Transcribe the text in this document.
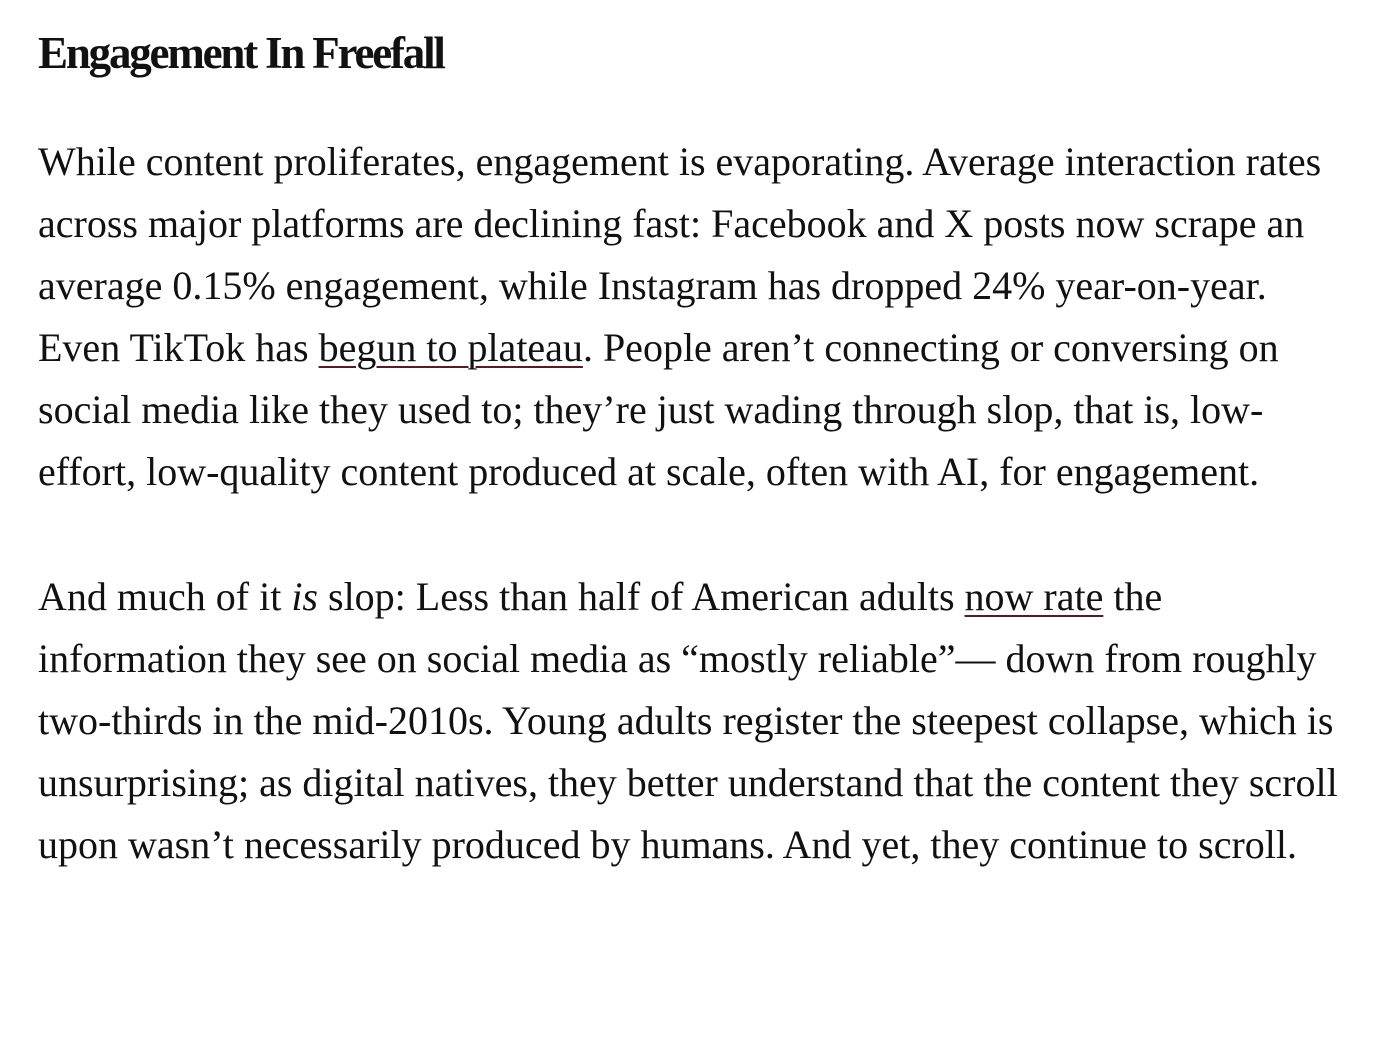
Engagement In Freefall

While content proliferates, engagement is evaporating. Average interaction rates across major platforms are declining fast: Facebook and X posts now scrape an average 0.15% engagement, while Instagram has dropped 24% year-on-year. Even TikTok has begun to plateau. People aren’t connecting or conversing on social media like they used to; they’re just wading through slop, that is, low-effort, low-quality content produced at scale, often with AI, for engagement.

And much of it is slop: Less than half of American adults now rate the information they see on social media as “mostly reliable”— down from roughly two-thirds in the mid-2010s. Young adults register the steepest collapse, which is unsurprising; as digital natives, they better understand that the content they scroll upon wasn’t necessarily produced by humans. And yet, they continue to scroll.
